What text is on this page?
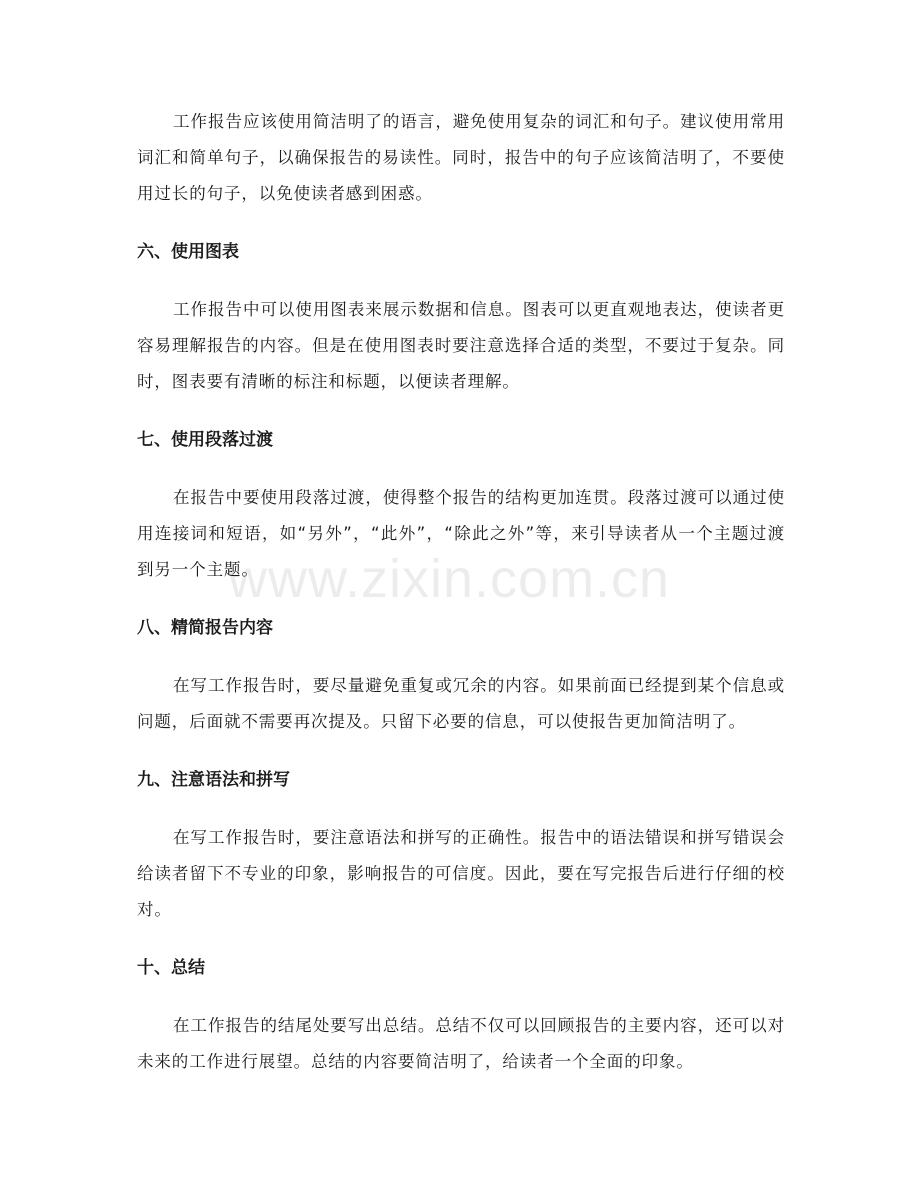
工作报告应该使用简洁明了的语言，避免使用复杂的词汇和句子。建议使用常用词汇和简单句子，以确保报告的易读性。同时，报告中的句子应该简洁明了，不要使用过长的句子，以免使读者感到困惑。

六、使用图表

工作报告中可以使用图表来展示数据和信息。图表可以更直观地表达，使读者更容易理解报告的内容。但是在使用图表时要注意选择合适的类型，不要过于复杂。同时，图表要有清晰的标注和标题，以便读者理解。

七、使用段落过渡

在报告中要使用段落过渡，使得整个报告的结构更加连贯。段落过渡可以通过使用连接词和短语，如“另外”，“此外”，“除此之外”等，来引导读者从一个主题过渡到另一个主题。

八、精简报告内容

在写工作报告时，要尽量避免重复或冗余的内容。如果前面已经提到某个信息或问题，后面就不需要再次提及。只留下必要的信息，可以使报告更加简洁明了。

九、注意语法和拼写

在写工作报告时，要注意语法和拼写的正确性。报告中的语法错误和拼写错误会给读者留下不专业的印象，影响报告的可信度。因此，要在写完报告后进行仔细的校对。

十、总结

在工作报告的结尾处要写出总结。总结不仅可以回顾报告的主要内容，还可以对未来的工作进行展望。总结的内容要简洁明了，给读者一个全面的印象。

www.zixin.com.cn
